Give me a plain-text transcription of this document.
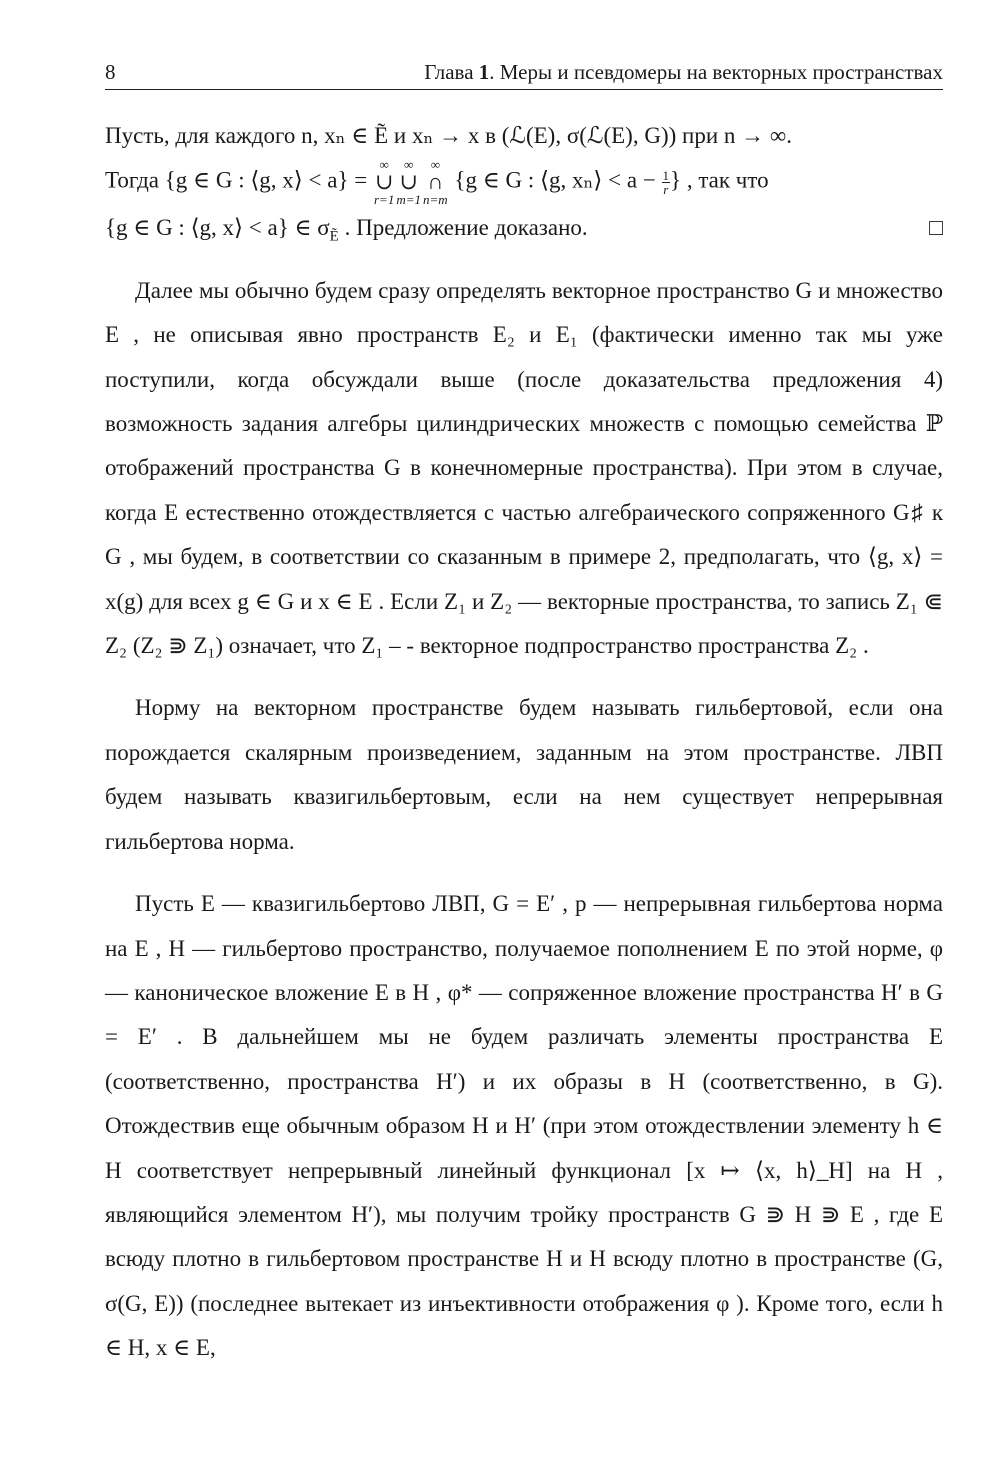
8	Глава 1. Меры и псевдомеры на векторных пространствах
Пусть, для каждого n, xₙ ∈ Ẽ и xₙ → x в (ℒ(E), σ(ℒ(E), G)) при n → ∞.
Тогда {g ∈ G : ⟨g, x⟩ < a} =
∞
∪
r=1
∞
∪
m=1
∞
∩
n=m
{g ∈ G : ⟨g, xₙ⟩ < $a - \frac{1}{r}$ } , так что
{g ∈ G : ⟨g, x⟩ < a} ∈ $\sigma_Ẽ$ . Предложение доказано.	□

Далее мы обычно будем сразу определять векторное пространство G и множество E , не описывая явно пространств E₂ и E₁ (фактически именно так мы уже поступили, когда обсуждали выше (после доказательства предложения 4) возможность задания алгебры цилиндрических множеств с помощью семейства ℙ отображений пространства G в конечномерные пространства). При этом в случае, когда E естественно отождествляется с частью алгебраического сопряженного G♯ к G , мы будем, в соответствии со сказанным в примере 2, предполагать, что ⟨g, x⟩ = x(g) для всех g ∈ G и x ∈ E . Если Z₁ и Z₂ — векторные пространства, то запись Z₁ ⋐ Z₂ (Z₂ ⋑ Z₁) означает, что Z₁ – - векторное подпространство пространства Z₂ .

Норму на векторном пространстве будем называть гильбертовой, если она порождается скалярным произведением, заданным на этом пространстве. ЛВП будем называть квазигильбертовым, если на нем существует непрерывная гильбертова норма.

Пусть E — квазигильбертово ЛВП, G = E′ , p — непрерывная гильбертова норма на E , H — гильбертово пространство, получаемое пополнением E по этой норме, φ — каноническое вложение E в H , φ* — сопряженное вложение пространства H′ в G = E′ . В дальнейшем мы не будем различать элементы пространства E (соответственно, пространства H′) и их образы в H (соответственно, в G). Отождествив еще обычным образом H и H′ (при этом отождествлении элементу h ∈ H соответствует непрерывный линейный функционал [x ↦ ⟨x, h⟩_H] на H , являющийся элементом H′), мы получим тройку пространств G ⋑ H ⋑ E , где E всюду плотно в гильбертовом пространстве H и H всюду плотно в пространстве (G, σ(G, E)) (последнее вытекает из инъективности отображения φ ). Кроме того, если h ∈ H, x ∈ E,
